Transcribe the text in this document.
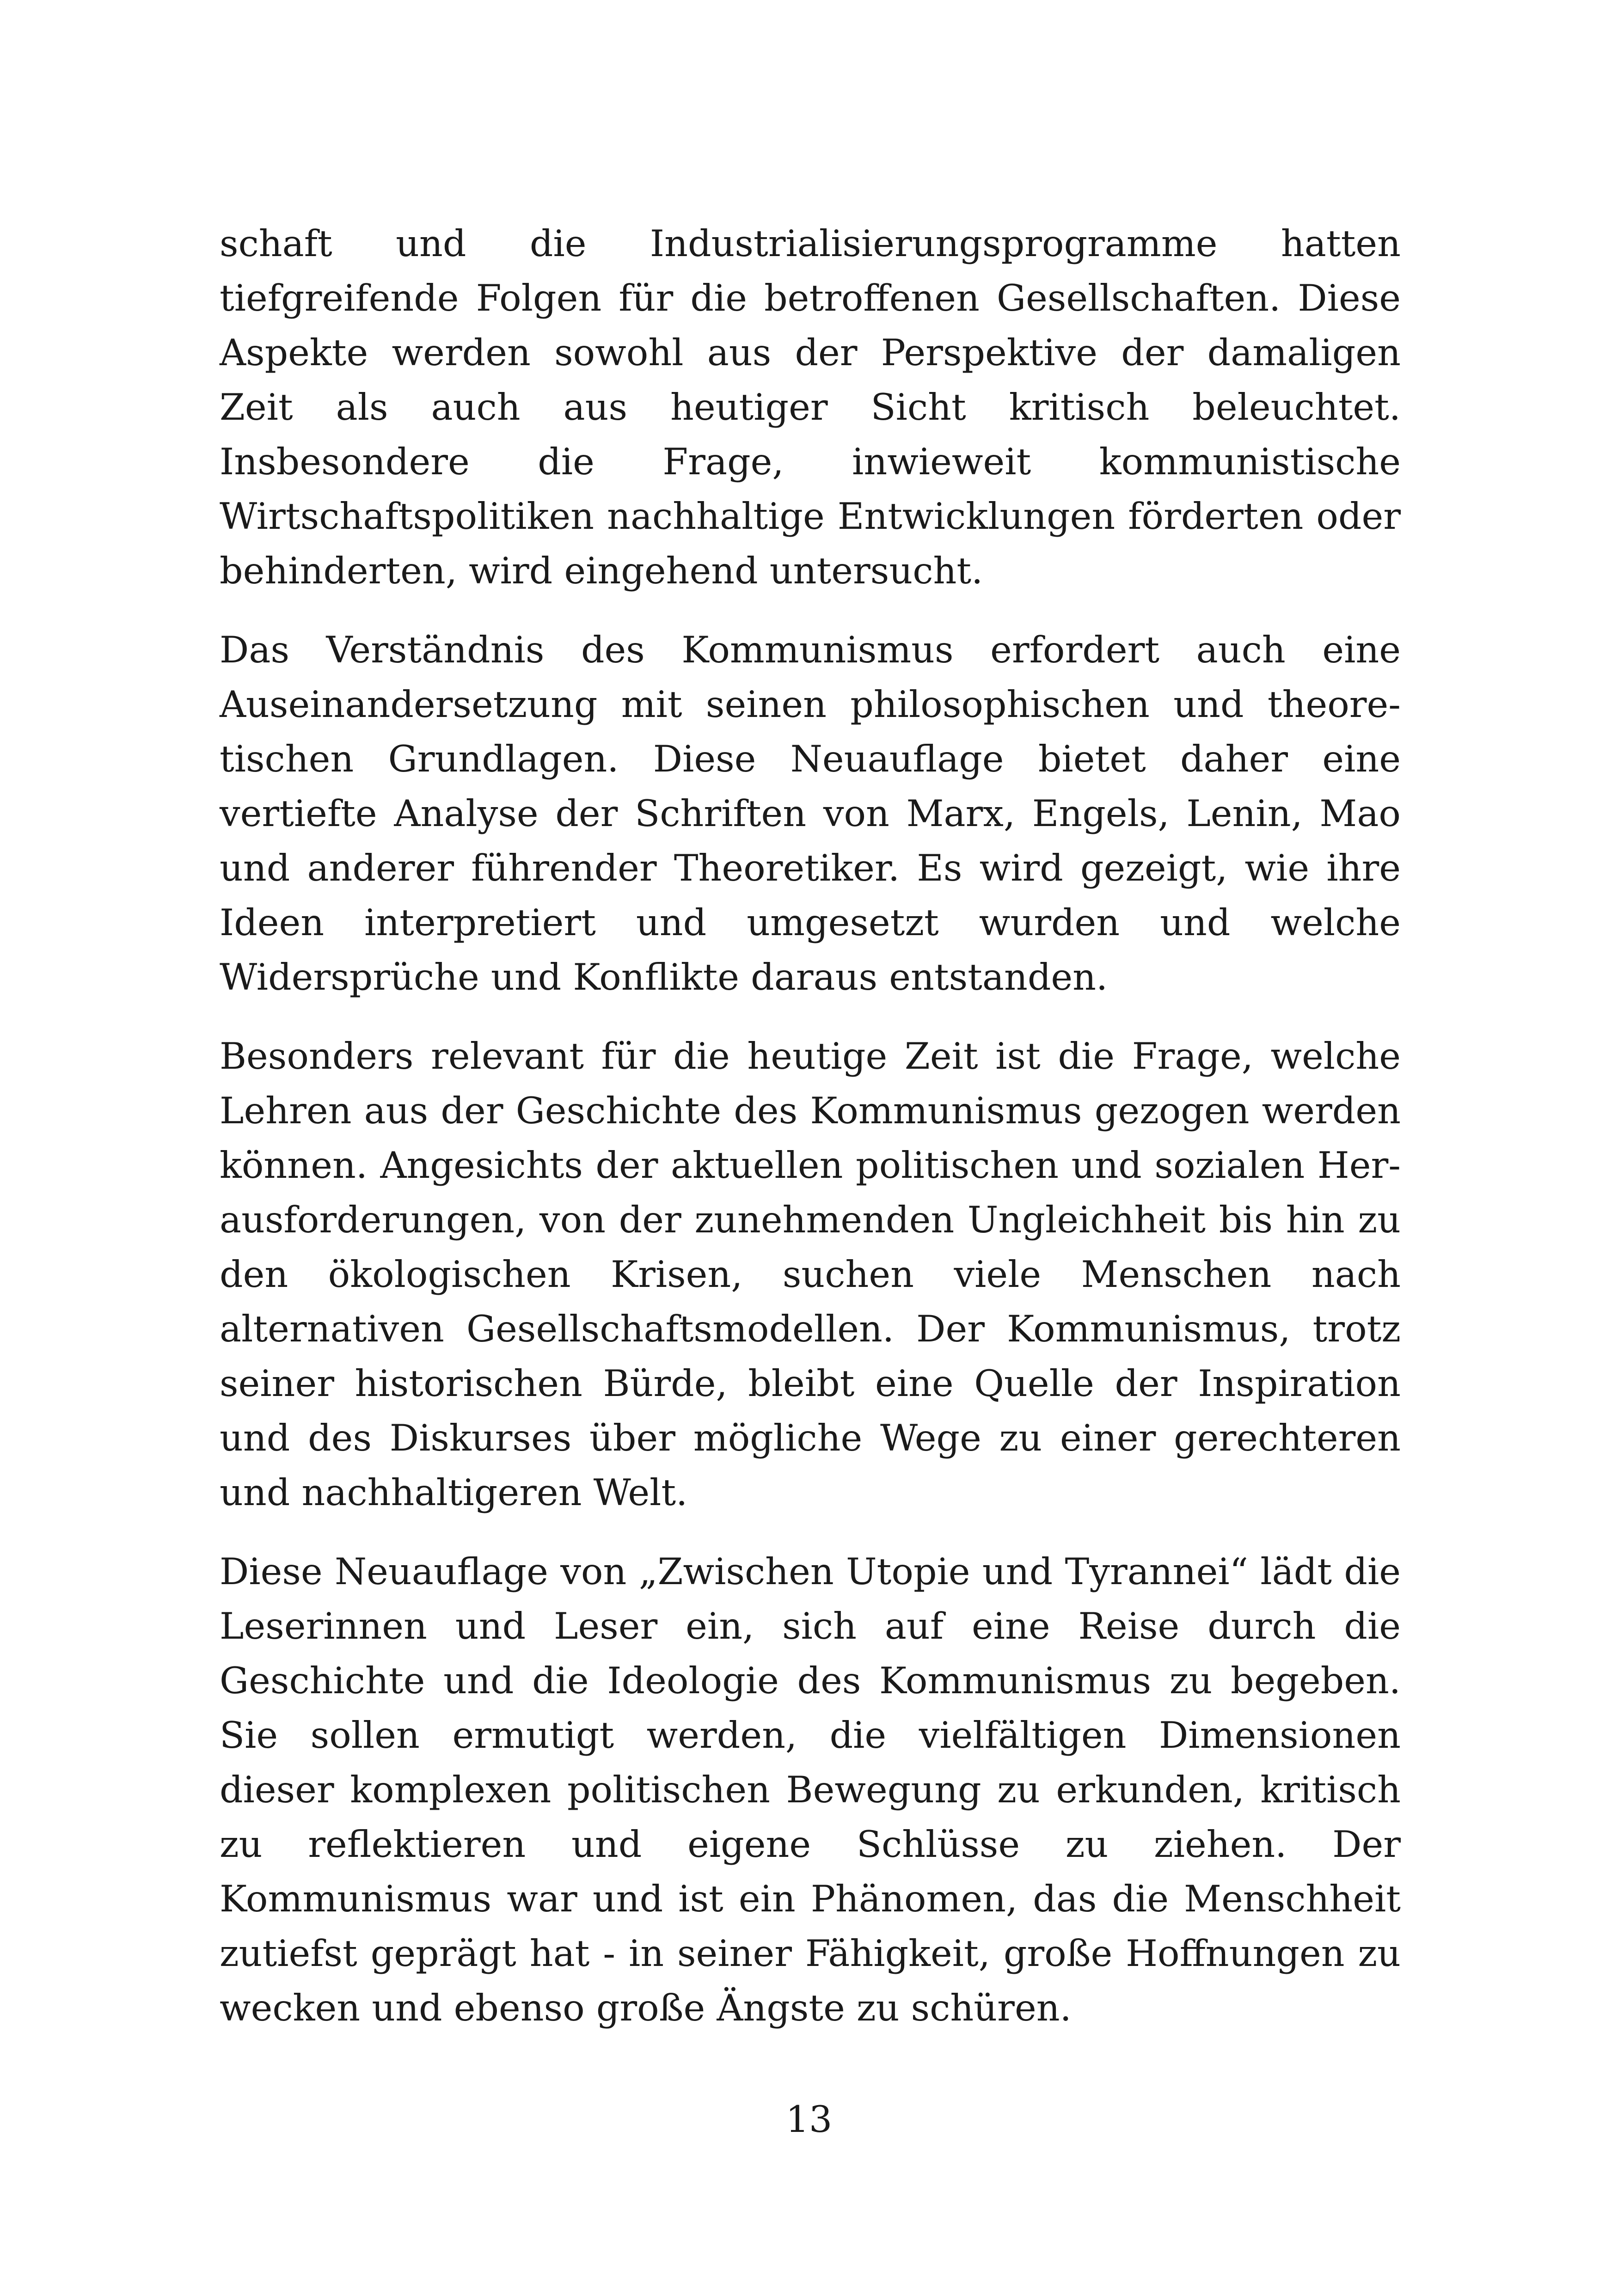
schaft und die Industrialisierungsprogramme hatten tiefgreifende Folgen für die betroffenen Gesellschaften. Diese Aspekte werden sowohl aus der Perspektive der damaligen Zeit als auch aus heutiger Sicht kritisch beleuchtet. Insbesondere die Frage, inwieweit kommunistische Wirtschaftspolitiken nachhaltige Entwicklungen förderten oder behinderten, wird eingehend untersucht.

Das Verständnis des Kommunismus erfordert auch eine Auseinandersetzung mit seinen philosophischen und theoretischen Grundlagen. Diese Neuauflage bietet daher eine vertiefte Analyse der Schriften von Marx, Engels, Lenin, Mao und anderer führender Theoretiker. Es wird gezeigt, wie ihre Ideen interpretiert und umgesetzt wurden und welche Widersprüche und Konflikte daraus entstanden.

Besonders relevant für die heutige Zeit ist die Frage, welche Lehren aus der Geschichte des Kommunismus gezogen werden können. Angesichts der aktuellen politischen und sozialen Herausforderungen, von der zunehmenden Ungleichheit bis hin zu den ökologischen Krisen, suchen viele Menschen nach alternativen Gesellschaftsmodellen. Der Kommunismus, trotz seiner historischen Bürde, bleibt eine Quelle der Inspiration und des Diskurses über mögliche Wege zu einer gerechteren und nachhaltigeren Welt.

Diese Neuauflage von „Zwischen Utopie und Tyrannei“ lädt die Leserinnen und Leser ein, sich auf eine Reise durch die Geschichte und die Ideologie des Kommunismus zu begeben. Sie sollen ermutigt werden, die vielfältigen Dimensionen dieser komplexen politischen Bewegung zu erkunden, kritisch zu reflektieren und eigene Schlüsse zu ziehen. Der Kommunismus war und ist ein Phänomen, das die Menschheit zutiefst geprägt hat - in seiner Fähigkeit, große Hoffnungen zu wecken und ebenso große Ängste zu schüren.

13
